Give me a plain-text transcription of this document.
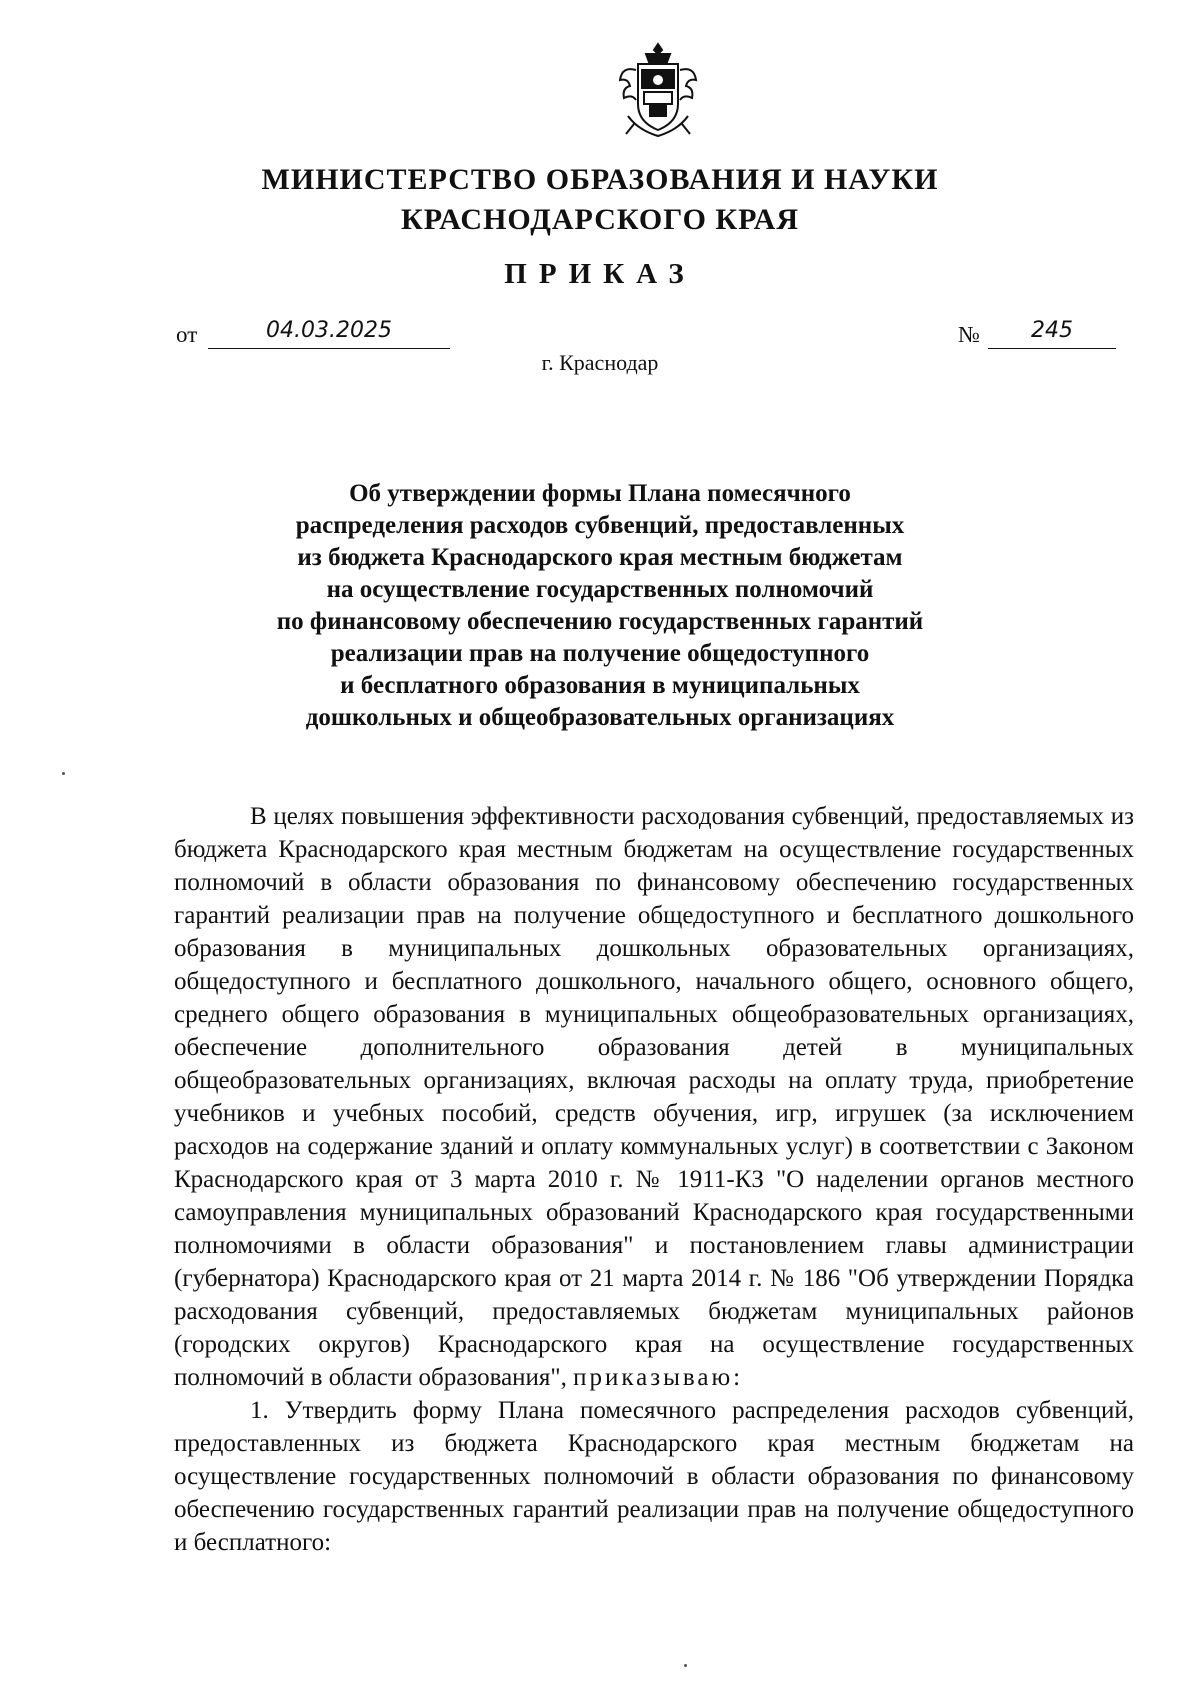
МИНИСТЕРСТВО ОБРАЗОВАНИЯ И НАУКИ
КРАСНОДАРСКОГО КРАЯ
ПРИКАЗ
от	04.03.2025	№	245
г. Краснодар
Об утверждении формы Плана помесячного
распределения расходов субвенций, предоставленных
из бюджета Краснодарского края местным бюджетам
на осуществление государственных полномочий
по финансовому обеспечению государственных гарантий
реализации прав на получение общедоступного
и бесплатного образования в муниципальных
дошкольных и общеобразовательных организациях

В целях повышения эффективности расходования субвенций, предоставляемых из бюджета Краснодарского края местным бюджетам на осуществление государственных полномочий в области образования по финансовому обеспечению государственных гарантий реализации прав на получение общедоступного и бесплатного дошкольного образования в муниципальных дошкольных образовательных организациях, общедоступного и бесплатного дошкольного, начального общего, основного общего, среднего общего образования в муниципальных общеобразовательных организациях, обеспечение дополнительного образования детей в муниципальных общеобразовательных организациях, включая расходы на оплату труда, приобретение учебников и учебных пособий, средств обучения, игр, игрушек (за исключением расходов на содержание зданий и оплату коммунальных услуг) в соответствии с Законом Краснодарского края от 3 марта 2010 г. № 1911-КЗ "О наделении органов местного самоуправления муниципальных образований Краснодарского края государственными полномочиями в области образования" и постановлением главы администрации (губернатора) Краснодарского края от 21 марта 2014 г. № 186 "Об утверждении Порядка расходования субвенций, предоставляемых бюджетам муниципальных районов (городских округов) Краснодарского края на осуществление государственных полномочий в области образования", приказываю:

1. Утвердить форму Плана помесячного распределения расходов субвенций, предоставленных из бюджета Краснодарского края местным бюджетам на осуществление государственных полномочий в области образования по финансовому обеспечению государственных гарантий реализации прав на получение общедоступного и бесплатного:
